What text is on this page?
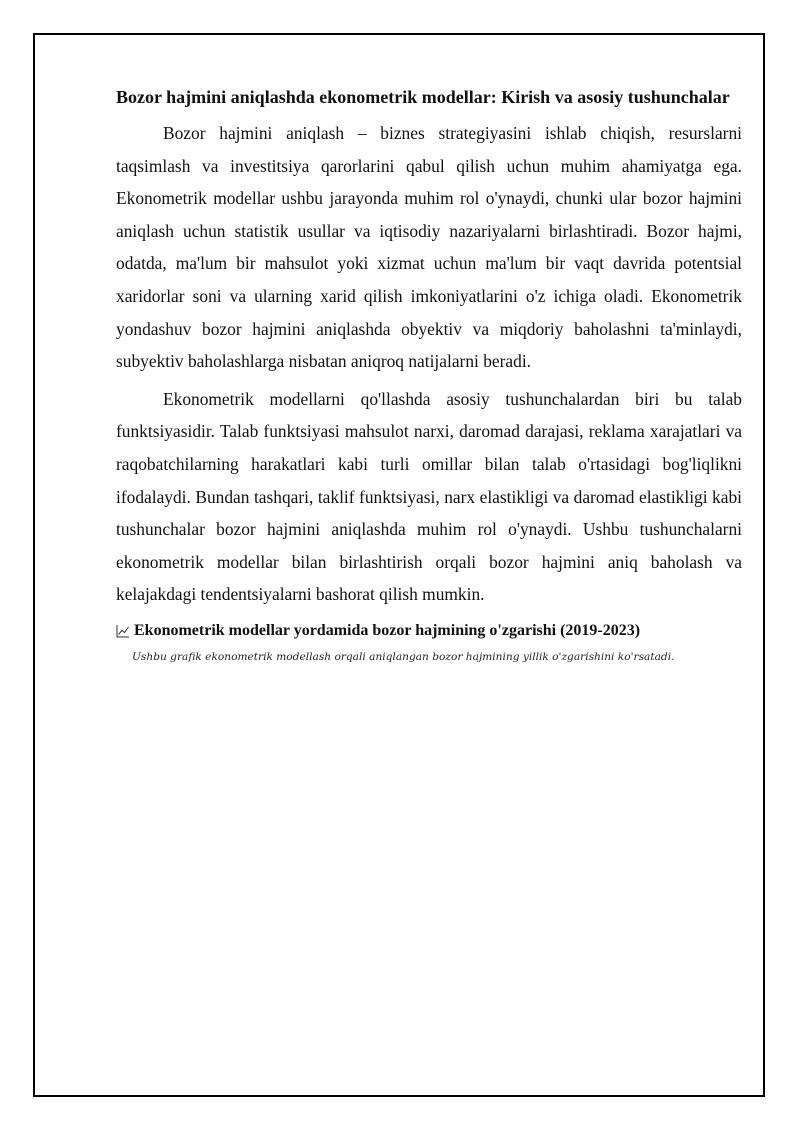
Bozor hajmini aniqlashda ekonometrik modellar: Kirish va asosiy tushunchalar

Bozor hajmini aniqlash – biznes strategiyasini ishlab chiqish, resurslarni taqsimlash va investitsiya qarorlarini qabul qilish uchun muhim ahamiyatga ega. Ekonometrik modellar ushbu jarayonda muhim rol o'ynaydi, chunki ular bozor hajmini aniqlash uchun statistik usullar va iqtisodiy nazariyalarni birlashtiradi. Bozor hajmi, odatda, ma'lum bir mahsulot yoki xizmat uchun ma'lum bir vaqt davrida potentsial xaridorlar soni va ularning xarid qilish imkoniyatlarini o'z ichiga oladi. Ekonometrik yondashuv bozor hajmini aniqlashda obyektiv va miqdoriy baholashni ta'minlaydi, subyektiv baholashlarga nisbatan aniqroq natijalarni beradi.

Ekonometrik modellarni qo'llashda asosiy tushunchalardan biri bu talab funktsiyasidir. Talab funktsiyasi mahsulot narxi, daromad darajasi, reklama xarajatlari va raqobatchilarning harakatlari kabi turli omillar bilan talab o'rtasidagi bog'liqlikni ifodalaydi. Bundan tashqari, taklif funktsiyasi, narx elastikligi va daromad elastikligi kabi tushunchalar bozor hajmini aniqlashda muhim rol o'ynaydi. Ushbu tushunchalarni ekonometrik modellar bilan birlashtirish orqali bozor hajmini aniq baholash va kelajakdagi tendentsiyalarni bashorat qilish mumkin.

Ekonometrik modellar yordamida bozor hajmining o'zgarishi (2019-2023)
Ushbu grafik ekonometrik modellash orqali aniqlangan bozor hajmining yillik o'zgarishini ko'rsatadi.
